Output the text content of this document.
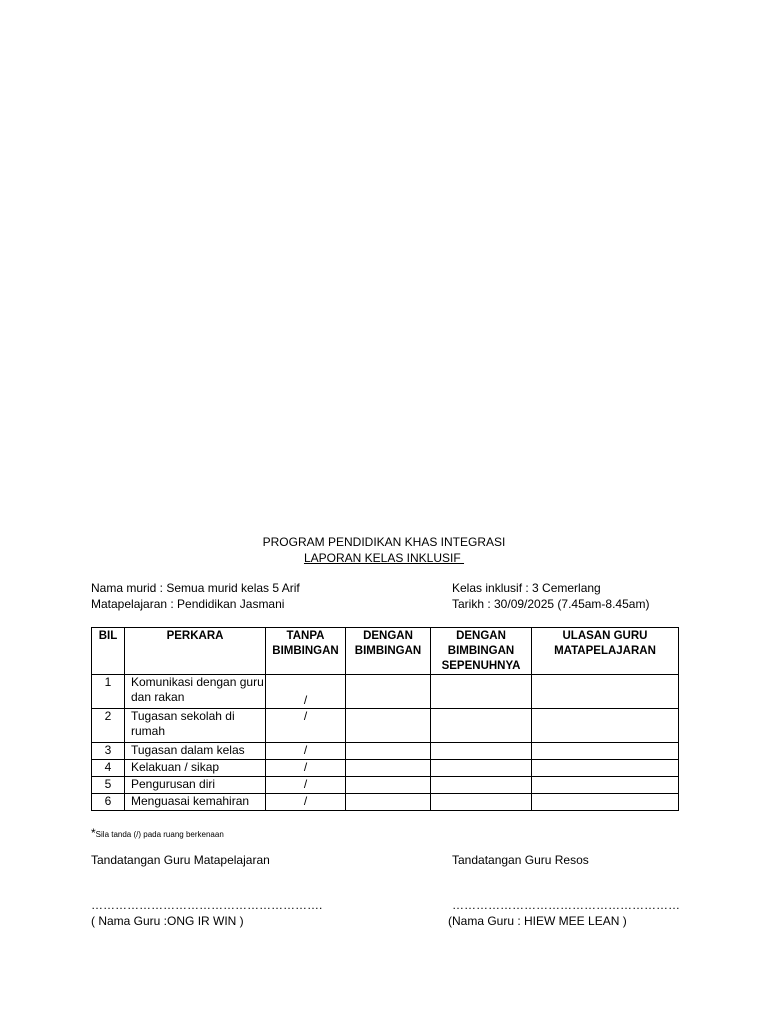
PROGRAM PENDIDIKAN KHAS INTEGRASI
LAPORAN KELAS INKLUSIF
Nama murid : Semua murid kelas 5 Arif
Matapelajaran : Pendidikan Jasmani
Kelas inklusif : 3 Cemerlang
Tarikh : 30/09/2025 (7.45am-8.45am)
BIL	PERKARA	TANPA BIMBINGAN	DENGAN BIMBINGAN	DENGAN BIMBINGAN SEPENUHNYA	ULASAN GURU MATAPELAJARAN
1	Komunikasi dengan guru dan rakan	/			
2	Tugasan sekolah di rumah	/			
3	Tugasan dalam kelas	/			
4	Kelakuan / sikap	/			
5	Pengurusan diri	/			
6	Menguasai kemahiran	/			
*Sila tanda (/) pada ruang berkenaan
Tandatangan Guru Matapelajaran	Tandatangan Guru Resos
………………………………………………….	…………………………………………………
( Nama Guru :ONG IR WIN )	(Nama Guru : HIEW MEE LEAN )
